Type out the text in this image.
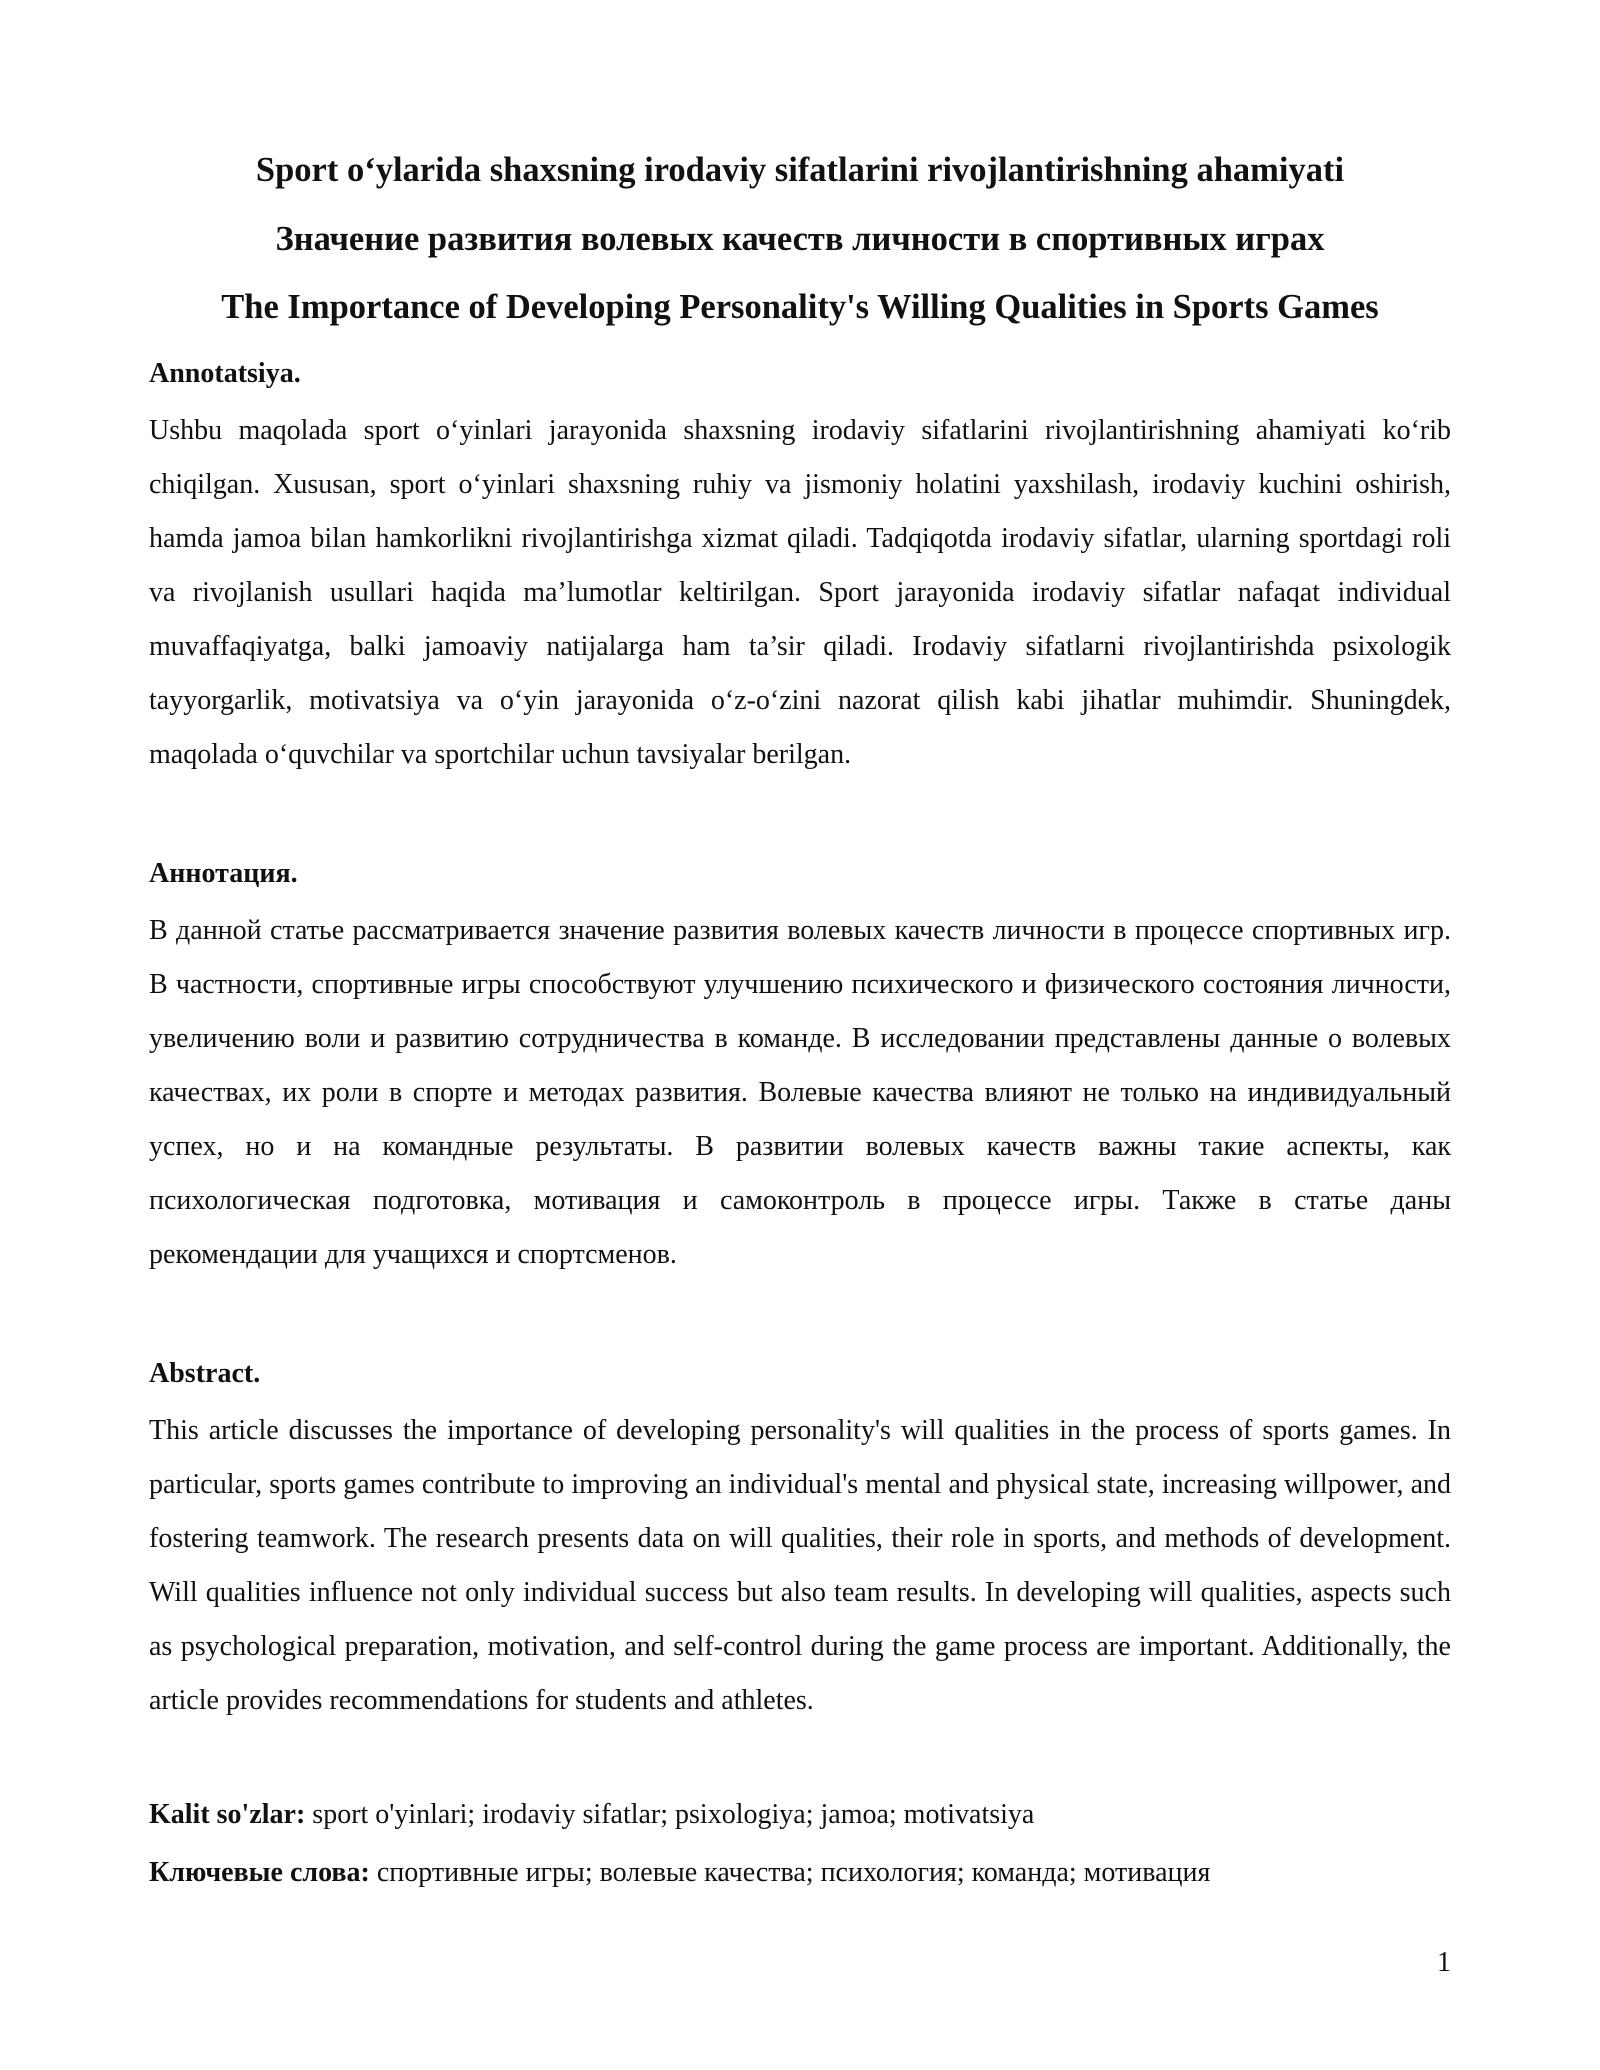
Sport o‘ylarida shaxsning irodaviy sifatlarini rivojlantirishning ahamiyati
Значение развития волевых качеств личности в спортивных играх
The Importance of Developing Personality's Willing Qualities in Sports Games
Annotatsiya.
Ushbu maqolada sport o‘yinlari jarayonida shaxsning irodaviy sifatlarini rivojlantirishning ahamiyati ko‘rib chiqilgan. Xususan, sport o‘yinlari shaxsning ruhiy va jismoniy holatini yaxshilash, irodaviy kuchini oshirish, hamda jamoa bilan hamkorlikni rivojlantirishga xizmat qiladi. Tadqiqotda irodaviy sifatlar, ularning sportdagi roli va rivojlanish usullari haqida ma’lumotlar keltirilgan. Sport jarayonida irodaviy sifatlar nafaqat individual muvaffaqiyatga, balki jamoaviy natijalarga ham ta’sir qiladi. Irodaviy sifatlarni rivojlantirishda psixologik tayyorgarlik, motivatsiya va o‘yin jarayonida o‘z-o‘zini nazorat qilish kabi jihatlar muhimdir. Shuningdek, maqolada o‘quvchilar va sportchilar uchun tavsiyalar berilgan.
Аннотация.
В данной статье рассматривается значение развития волевых качеств личности в процессе спортивных игр. В частности, спортивные игры способствуют улучшению психического и физического состояния личности, увеличению воли и развитию сотрудничества в команде. В исследовании представлены данные о волевых качествах, их роли в спорте и методах развития. Волевые качества влияют не только на индивидуальный успех, но и на командные результаты. В развитии волевых качеств важны такие аспекты, как психологическая подготовка, мотивация и самоконтроль в процессе игры. Также в статье даны рекомендации для учащихся и спортсменов.
Abstract.
This article discusses the importance of developing personality's will qualities in the process of sports games. In particular, sports games contribute to improving an individual's mental and physical state, increasing willpower, and fostering teamwork. The research presents data on will qualities, their role in sports, and methods of development. Will qualities influence not only individual success but also team results. In developing will qualities, aspects such as psychological preparation, motivation, and self-control during the game process are important. Additionally, the article provides recommendations for students and athletes.
Kalit so'zlar: sport o'yinlari; irodaviy sifatlar; psixologiya; jamoa; motivatsiya
Ключевые слова: спортивные игры; волевые качества; психология; команда; мотивация
1
